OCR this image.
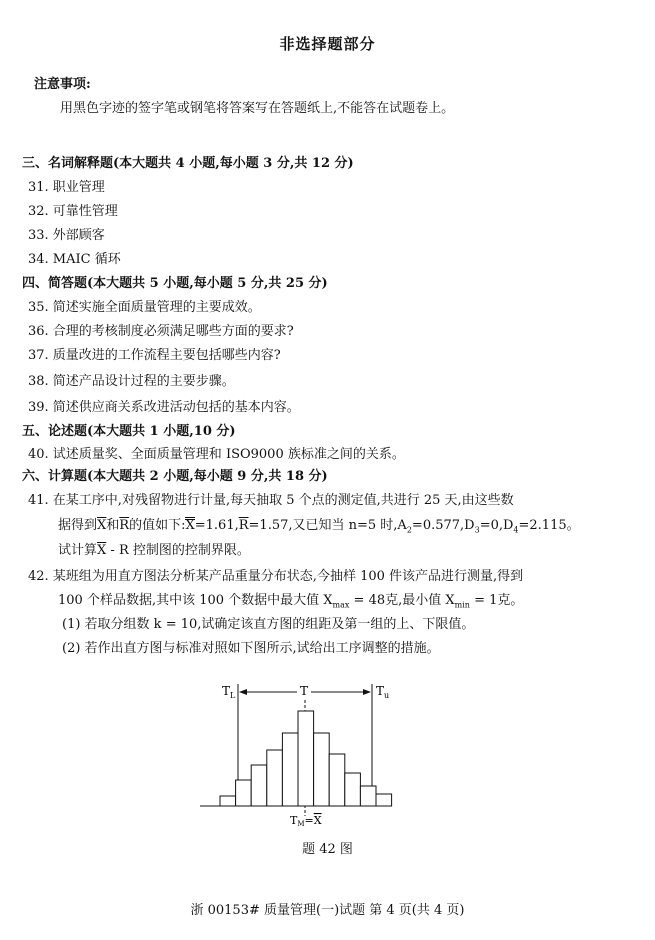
非选择题部分
注意事项:
用黑色字迹的签字笔或钢笔将答案写在答题纸上,不能答在试题卷上。
三、名词解释题(本大题共 4 小题,每小题 3 分,共 12 分)
31. 职业管理
32. 可靠性管理
33. 外部顾客
34. MAIC 循环
四、简答题(本大题共 5 小题,每小题 5 分,共 25 分)
35. 简述实施全面质量管理的主要成效。
36. 合理的考核制度必须满足哪些方面的要求?
37. 质量改进的工作流程主要包括哪些内容?
38. 简述产品设计过程的主要步骤。
39. 简述供应商关系改进活动包括的基本内容。
五、论述题(本大题共 1 小题,10 分)
40. 试述质量奖、全面质量管理和 ISO9000 族标准之间的关系。
六、计算题(本大题共 2 小题,每小题 9 分,共 18 分)
41. 在某工序中,对残留物进行计量,每天抽取 5 个点的测定值,共进行 25 天,由这些数
据得到$\overline{X}$和$\overline{R}$的值如下$:X=1.61,\overline{R}=1.57$,又已知当 n=5 时$,A_2=0.577,D_3=0,D_4=2.115$。
试计算$\overline{X}$ - R 控制图的控制界限。
42. 某班组为用直方图法分析某产品重量分布状态,今抽样 100 件该产品进行测量,得到
100 个样品数据,其中该 100 个数据中最大值 $X_{max} = 48$克,最小值 $X_{min} = 1$克。
(1) 若取分组数 k = 10,试确定该直方图的组距及第一组的上、下限值。
(2) 若作出直方图与标准对照如下图所示,试给出工序调整的措施。
$T_L$	T	$T_u$
TM=X
题 42 图
浙 00153# 质量管理(一)试题 第 4 页(共 4 页)
